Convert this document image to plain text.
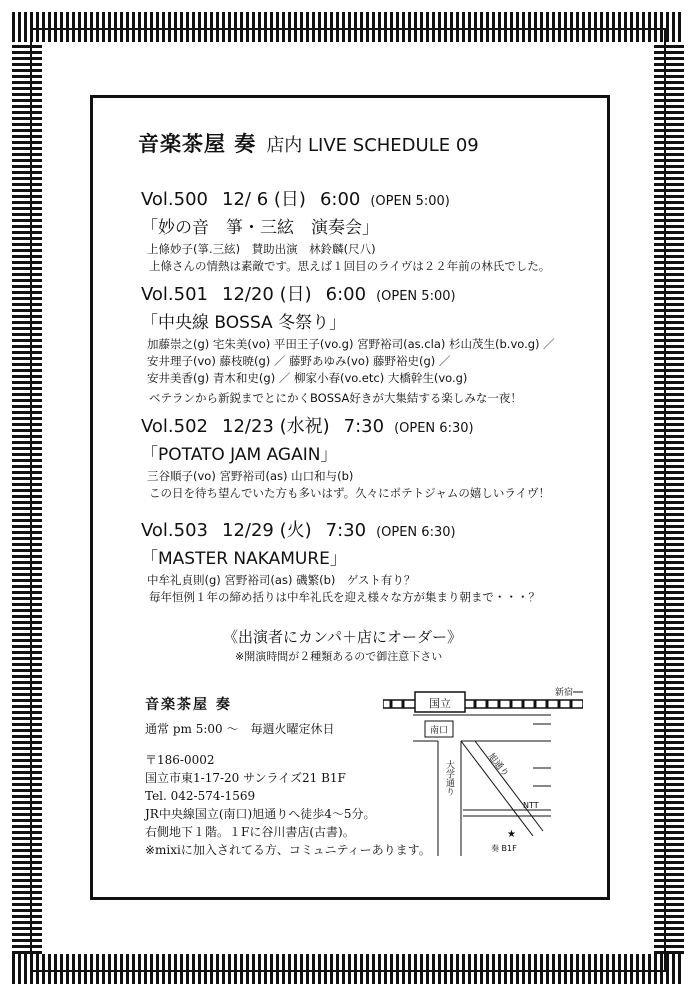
音楽茶屋 奏 店内 LIVE SCHEDULE 09
Vol.500 12/ 6 (日) 6:00 (OPEN 5:00)
「妙の音　箏・三絃　演奏会」
上條妙子(箏.三絃)　賛助出演　林鈴麟(尺八)
上條さんの情熱は素敵です。思えば１回目のライヴは２２年前の林氏でした。
Vol.501 12/20 (日) 6:00 (OPEN 5:00)
「中央線 BOSSA 冬祭り」
加藤崇之(g) 宅朱美(vo) 平田王子(vo.g) 宮野裕司(as.cla) 杉山茂生(b.vo.g) ／
安井理子(vo) 藤枝暁(g) ／ 藤野あゆみ(vo) 藤野裕史(g) ／
安井美香(g) 青木和史(g) ／ 柳家小春(vo.etc) 大橋幹生(vo.g)
ベテランから新鋭までとにかくBOSSA好きが大集結する楽しみな一夜！
Vol.502 12/23 (水祝) 7:30 (OPEN 6:30)
「POTATO JAM AGAIN」
三谷順子(vo) 宮野裕司(as) 山口和与(b)
この日を待ち望んでいた方も多いはず。久々にポテトジャムの嬉しいライヴ！
Vol.503 12/29 (火) 7:30 (OPEN 6:30)
「MASTER NAKAMURE」
中牟礼貞則(g) 宮野裕司(as) 磯繁(b)　ゲスト有り？
毎年恒例１年の締め括りは中牟礼氏を迎え様々な方が集まり朝まで・・・？
《出演者にカンパ＋店にオーダー》
※開演時間が２種類あるので御注意下さい
音楽茶屋 奏
通常 pm 5:00 ～　毎週火曜定休日
〒186-0002
国立市東1-17-20 サンライズ21 B1F
Tel. 042-574-1569
JR中央線国立(南口)旭通りへ徒歩4～5分。
右側地下１階。１Fに谷川書店(古書)。
※mixiに加入されてる方、コミュニティーあります。
国立
新宿
南口
大学通り	旭通り
NTT
★
奏 B1F
